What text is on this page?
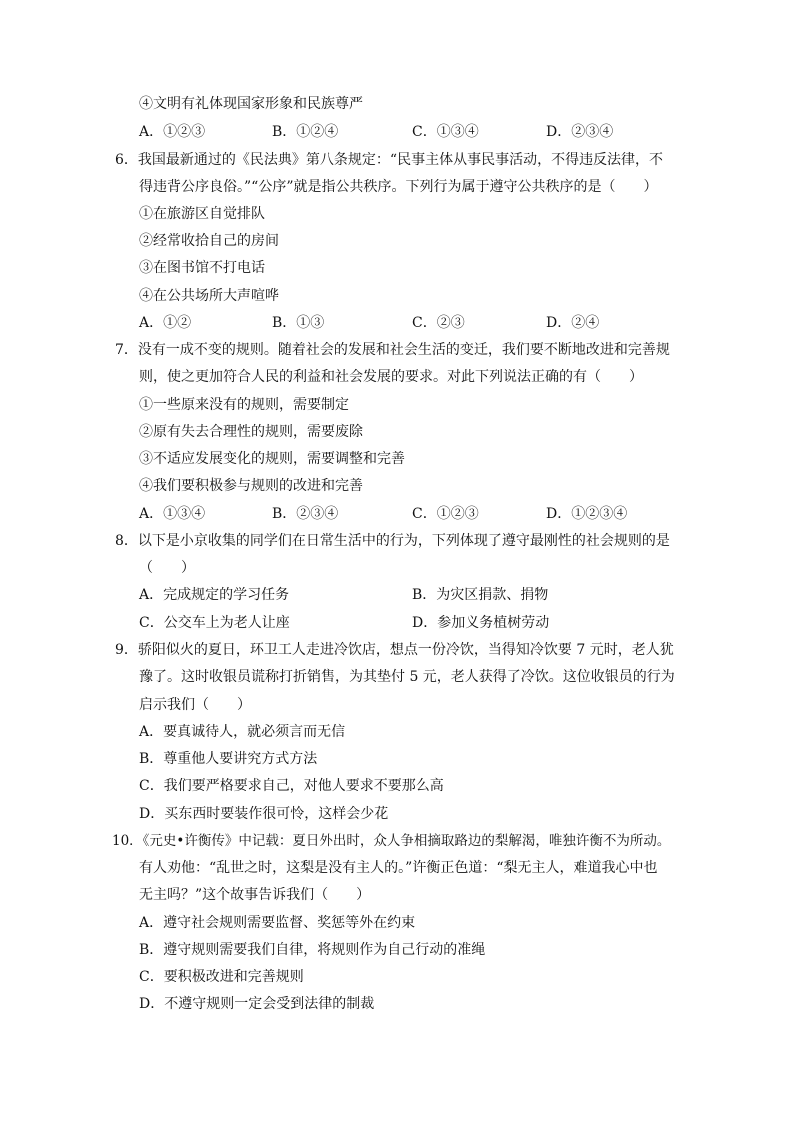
④文明有礼体现国家形象和民族尊严
A．①②③	B．①②④	C．①③④	D．②③④
6．我国最新通过的《民法典》第八条规定：“民事主体从事民事活动，不得违反法律，不
得违背公序良俗。”“公序”就是指公共秩序。下列行为属于遵守公共秩序的是（　　）
①在旅游区自觉排队
②经常收拾自己的房间
③在图书馆不打电话
④在公共场所大声喧哗
A．①②	B．①③	C．②③	D．②④
7．没有一成不变的规则。随着社会的发展和社会生活的变迁，我们要不断地改进和完善规
则，使之更加符合人民的利益和社会发展的要求。对此下列说法正确的有（　　）
①一些原来没有的规则，需要制定
②原有失去合理性的规则，需要废除
③不适应发展变化的规则，需要调整和完善
④我们要积极参与规则的改进和完善
A．①③④	B．②③④	C．①②③	D．①②③④
8．以下是小京收集的同学们在日常生活中的行为，下列体现了遵守最刚性的社会规则的是
（　　）
A．完成规定的学习任务	B．为灾区捐款、捐物
C．公交车上为老人让座	D．参加义务植树劳动
9．骄阳似火的夏日，环卫工人走进冷饮店，想点一份冷饮，当得知冷饮要 7 元时，老人犹
豫了。这时收银员谎称打折销售，为其垫付 5 元，老人获得了冷饮。这位收银员的行为
启示我们（　　）
A．要真诚待人，就必须言而无信
B．尊重他人要讲究方式方法
C．我们要严格要求自己，对他人要求不要那么高
D．买东西时要装作很可怜，这样会少花
10．《元史•许衡传》中记载：夏日外出时，众人争相摘取路边的梨解渴，唯独许衡不为所动。
有人劝他：“乱世之时，这梨是没有主人的。”许衡正色道：“梨无主人，难道我心中也
无主吗？”这个故事告诉我们（　　）
A．遵守社会规则需要监督、奖惩等外在约束
B．遵守规则需要我们自律，将规则作为自己行动的准绳
C．要积极改进和完善规则
D．不遵守规则一定会受到法律的制裁
